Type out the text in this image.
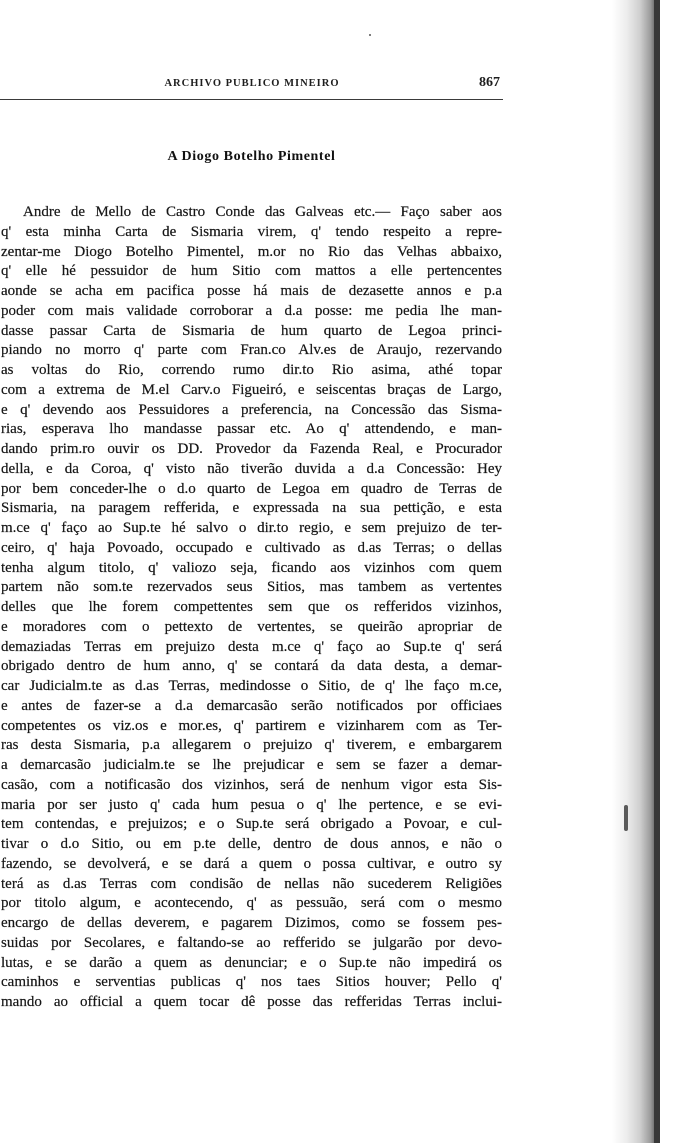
ARCHIVO PUBLICO MINEIRO	867
A Diogo Botelho Pimentel
Andre de Mello de Castro Conde das Galveas etc.— Faço saber aos
q' esta minha Carta de Sismaria virem, q' tendo respeito a repre-
zentar-me Diogo Botelho Pimentel, m.or no Rio das Velhas abbaixo,
q' elle hé pessuidor de hum Sitio com mattos a elle pertencentes
aonde se acha em pacifica posse há mais de dezasette annos e p.a
poder com mais validade corroborar a d.a posse: me pedia lhe man-
dasse passar Carta de Sismaria de hum quarto de Legoa princi-
piando no morro q' parte com Fran.co Alv.es de Araujo, rezervando
as voltas do Rio, correndo rumo dir.to Rio asima, athé topar
com a extrema de M.el Carv.o Figueiró, e seiscentas braças de Largo,
e q' devendo aos Pessuidores a preferencia, na Concessão das Sisma-
rias, esperava lho mandasse passar etc. Ao q' attendendo, e man-
dando prim.ro ouvir os DD. Provedor da Fazenda Real, e Procurador
della, e da Coroa, q' visto não tiverão duvida a d.a Concessão: Hey
por bem conceder-lhe o d.o quarto de Legoa em quadro de Terras de
Sismaria, na paragem refferida, e expressada na sua pettição, e esta
m.ce q' faço ao Sup.te hé salvo o dir.to regio, e sem prejuizo de ter-
ceiro, q' haja Povoado, occupado e cultivado as d.as Terras; o dellas
tenha algum titolo, q' valiozo seja, ficando aos vizinhos com quem
partem não som.te rezervados seus Sitios, mas tambem as vertentes
delles que lhe forem compettentes sem que os refferidos vizinhos,
e moradores com o pettexto de vertentes, se queirão apropriar de
demaziadas Terras em prejuizo desta m.ce q' faço ao Sup.te q' será
obrigado dentro de hum anno, q' se contará da data desta, a demar-
car Judicialm.te as d.as Terras, medindosse o Sitio, de q' lhe faço m.ce,
e antes de fazer-se a d.a demarcasão serão notificados por officiaes
competentes os viz.os e mor.es, q' partirem e vizinharem com as Ter-
ras desta Sismaria, p.a allegarem o prejuizo q' tiverem, e embargarem
a demarcasão judicialm.te se lhe prejudicar e sem se fazer a demar-
casão, com a notificasão dos vizinhos, será de nenhum vigor esta Sis-
maria por ser justo q' cada hum pesua o q' lhe pertence, e se evi-
tem contendas, e prejuizos; e o Sup.te será obrigado a Povoar, e cul-
tivar o d.o Sitio, ou em p.te delle, dentro de dous annos, e não o
fazendo, se devolverá, e se dará a quem o possa cultivar, e outro sy
terá as d.as Terras com condisão de nellas não sucederem Religiões
por titolo algum, e acontecendo, q' as pessuão, será com o mesmo
encargo de dellas deverem, e pagarem Dizimos, como se fossem pes-
suidas por Secolares, e faltando-se ao refferido se julgarão por devo-
lutas, e se darão a quem as denunciar; e o Sup.te não impedirá os
caminhos e serventias publicas q' nos taes Sitios houver; Pello q'
mando ao official a quem tocar dê posse das refferidas Terras inclui-
